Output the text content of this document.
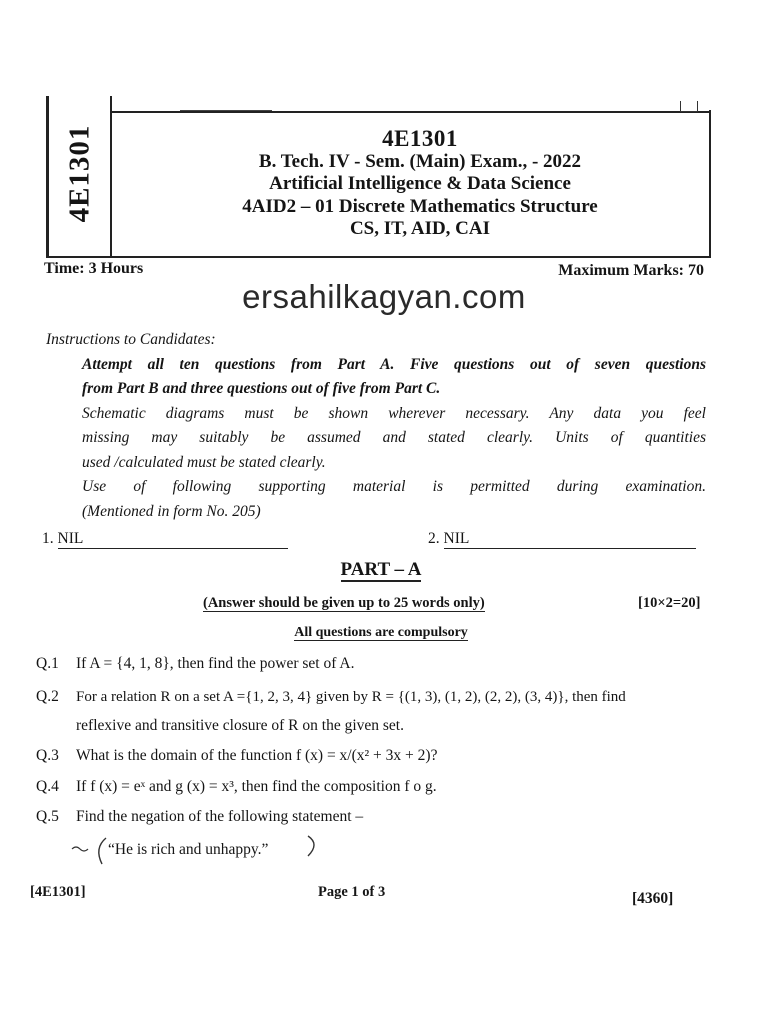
4E1301	4E1301
B. Tech. IV - Sem. (Main) Exam., - 2022
Artificial Intelligence & Data Science
4AID2 – 01 Discrete Mathematics Structure
CS, IT, AID, CAI
Time: 3 Hours	Maximum Marks: 70
ersahilkagyan.com
Instructions to Candidates:
Attempt all ten questions from Part A. Five questions out of seven questions
from Part B and three questions out of five from Part C.
Schematic diagrams must be shown wherever necessary. Any data you feel
missing may suitably be assumed and stated clearly. Units of quantities
used /calculated must be stated clearly.
Use of following supporting material is permitted during examination.
(Mentioned in form No. 205)
1. NIL	2. NIL
PART – A
(Answer should be given up to 25 words only)	[10×2=20]
All questions are compulsory
Q.1 If A = {4, 1, 8}, then find the power set of A.
Q.2 For a relation R on a set A ={1, 2, 3, 4} given by R = {(1, 3), (1, 2), (2, 2), (3, 4)}, then find
reflexive and transitive closure of R on the given set.
Q.3 What is the domain of the function f (x) = x/(x² + 3x + 2)?
Q.4 If f (x) = eˣ and g (x) = x³, then find the composition f o g.
Q.5 Find the negation of the following statement –
“He is rich and unhappy.”
[4E1301]	Page 1 of 3	[4360]
